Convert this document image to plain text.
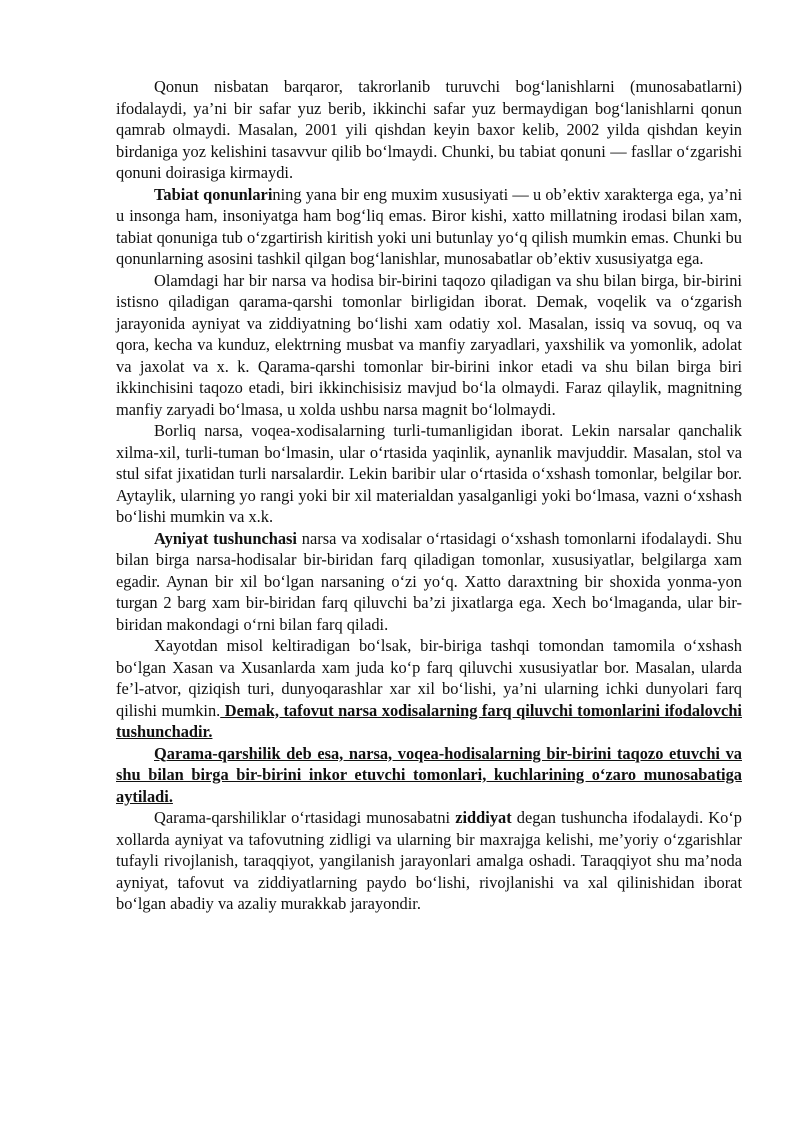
Qonun nisbatan barqaror, takrorlanib turuvchi bog‘lanishlarni (munosabatlarni) ifodalaydi, ya’ni bir safar yuz berib, ikkinchi safar yuz bermaydigan bog‘lanishlarni qonun qamrab olmaydi. Masalan, 2001 yili qishdan keyin baxor kelib, 2002 yilda qishdan keyin birdaniga yoz kelishini tasavvur qilib bo‘lmaydi. Chunki, bu tabiat qonuni — fasllar o‘zgarishi qonuni doirasiga kirmaydi.

Tabiat qonunlarining yana bir eng muxim xususiyati — u ob’ektiv xarakterga ega, ya’ni u insonga ham, insoniyatga ham bog‘liq emas. Biror kishi, xatto millatning irodasi bilan xam, tabiat qonuniga tub o‘zgartirish kiritish yoki uni butunlay yo‘q qilish mumkin emas. Chunki bu qonunlarning asosini tashkil qilgan bog‘lanishlar, munosabatlar ob’ektiv xususiyatga ega.

Olamdagi har bir narsa va hodisa bir-birini taqozo qiladigan va shu bilan birga, bir-birini istisno qiladigan qarama-qarshi tomonlar birligidan iborat. Demak, voqelik va o‘zgarish jarayonida ayniyat va ziddiyatning bo‘lishi xam odatiy xol. Masalan, issiq va sovuq, oq va qora, kecha va kunduz, elektrning musbat va manfiy zaryadlari, yaxshilik va yomonlik, adolat va jaxolat va x. k. Qarama-qarshi tomonlar bir-birini inkor etadi va shu bilan birga biri ikkinchisini taqozo etadi, biri ikkinchisisiz mavjud bo‘la olmaydi. Faraz qilaylik, magnitning manfiy zaryadi bo‘lmasa, u xolda ushbu narsa magnit bo‘lolmaydi.

Borliq narsa, voqea-xodisalarning turli-tumanligidan iborat. Lekin narsalar qanchalik xilma-xil, turli-tuman bo‘lmasin, ular o‘rtasida yaqinlik, aynanlik mavjuddir. Masalan, stol va stul sifat jixatidan turli narsalardir. Lekin baribir ular o‘rtasida o‘xshash tomonlar, belgilar bor. Aytaylik, ularning yo rangi yoki bir xil materialdan yasalganligi yoki bo‘lmasa, vazni o‘xshash bo‘lishi mumkin va x.k.

Ayniyat tushunchasi narsa va xodisalar o‘rtasidagi o‘xshash tomonlarni ifodalaydi. Shu bilan birga narsa-hodisalar bir-biridan farq qiladigan tomonlar, xususiyatlar, belgilarga xam egadir. Aynan bir xil bo‘lgan narsaning o‘zi yo‘q. Xatto daraxtning bir shoxida yonma-yon turgan 2 barg xam bir-biridan farq qiluvchi ba’zi jixatlarga ega. Xech bo‘lmaganda, ular bir-biridan makondagi o‘rni bilan farq qiladi.

Xayotdan misol keltiradigan bo‘lsak, bir-biriga tashqi tomondan tamomila o‘xshash bo‘lgan Xasan va Xusanlarda xam juda ko‘p farq qiluvchi xususiyatlar bor. Masalan, ularda fe’l-atvor, qiziqish turi, dunyoqarashlar xar xil bo‘lishi, ya’ni ularning ichki dunyolari farq qilishi mumkin. Demak, tafovut narsa xodisalarning farq qiluvchi tomonlarini ifodalovchi tushunchadir.

Qarama-qarshilik deb esa, narsa, voqea-hodisalarning bir-birini taqozo etuvchi va shu bilan birga bir-birini inkor etuvchi tomonlari, kuchlarining o‘zaro munosabatiga aytiladi.

Qarama-qarshiliklar o‘rtasidagi munosabatni ziddiyat degan tushuncha ifodalaydi. Ko‘p xollarda ayniyat va tafovutning zidligi va ularning bir maxrajga kelishi, me’yoriy o‘zgarishlar tufayli rivojlanish, taraqqiyot, yangilanish jarayonlari amalga oshadi. Taraqqiyot shu ma’noda ayniyat, tafovut va ziddiyatlarning paydo bo‘lishi, rivojlanishi va xal qilinishidan iborat bo‘lgan abadiy va azaliy murakkab jarayondir.
